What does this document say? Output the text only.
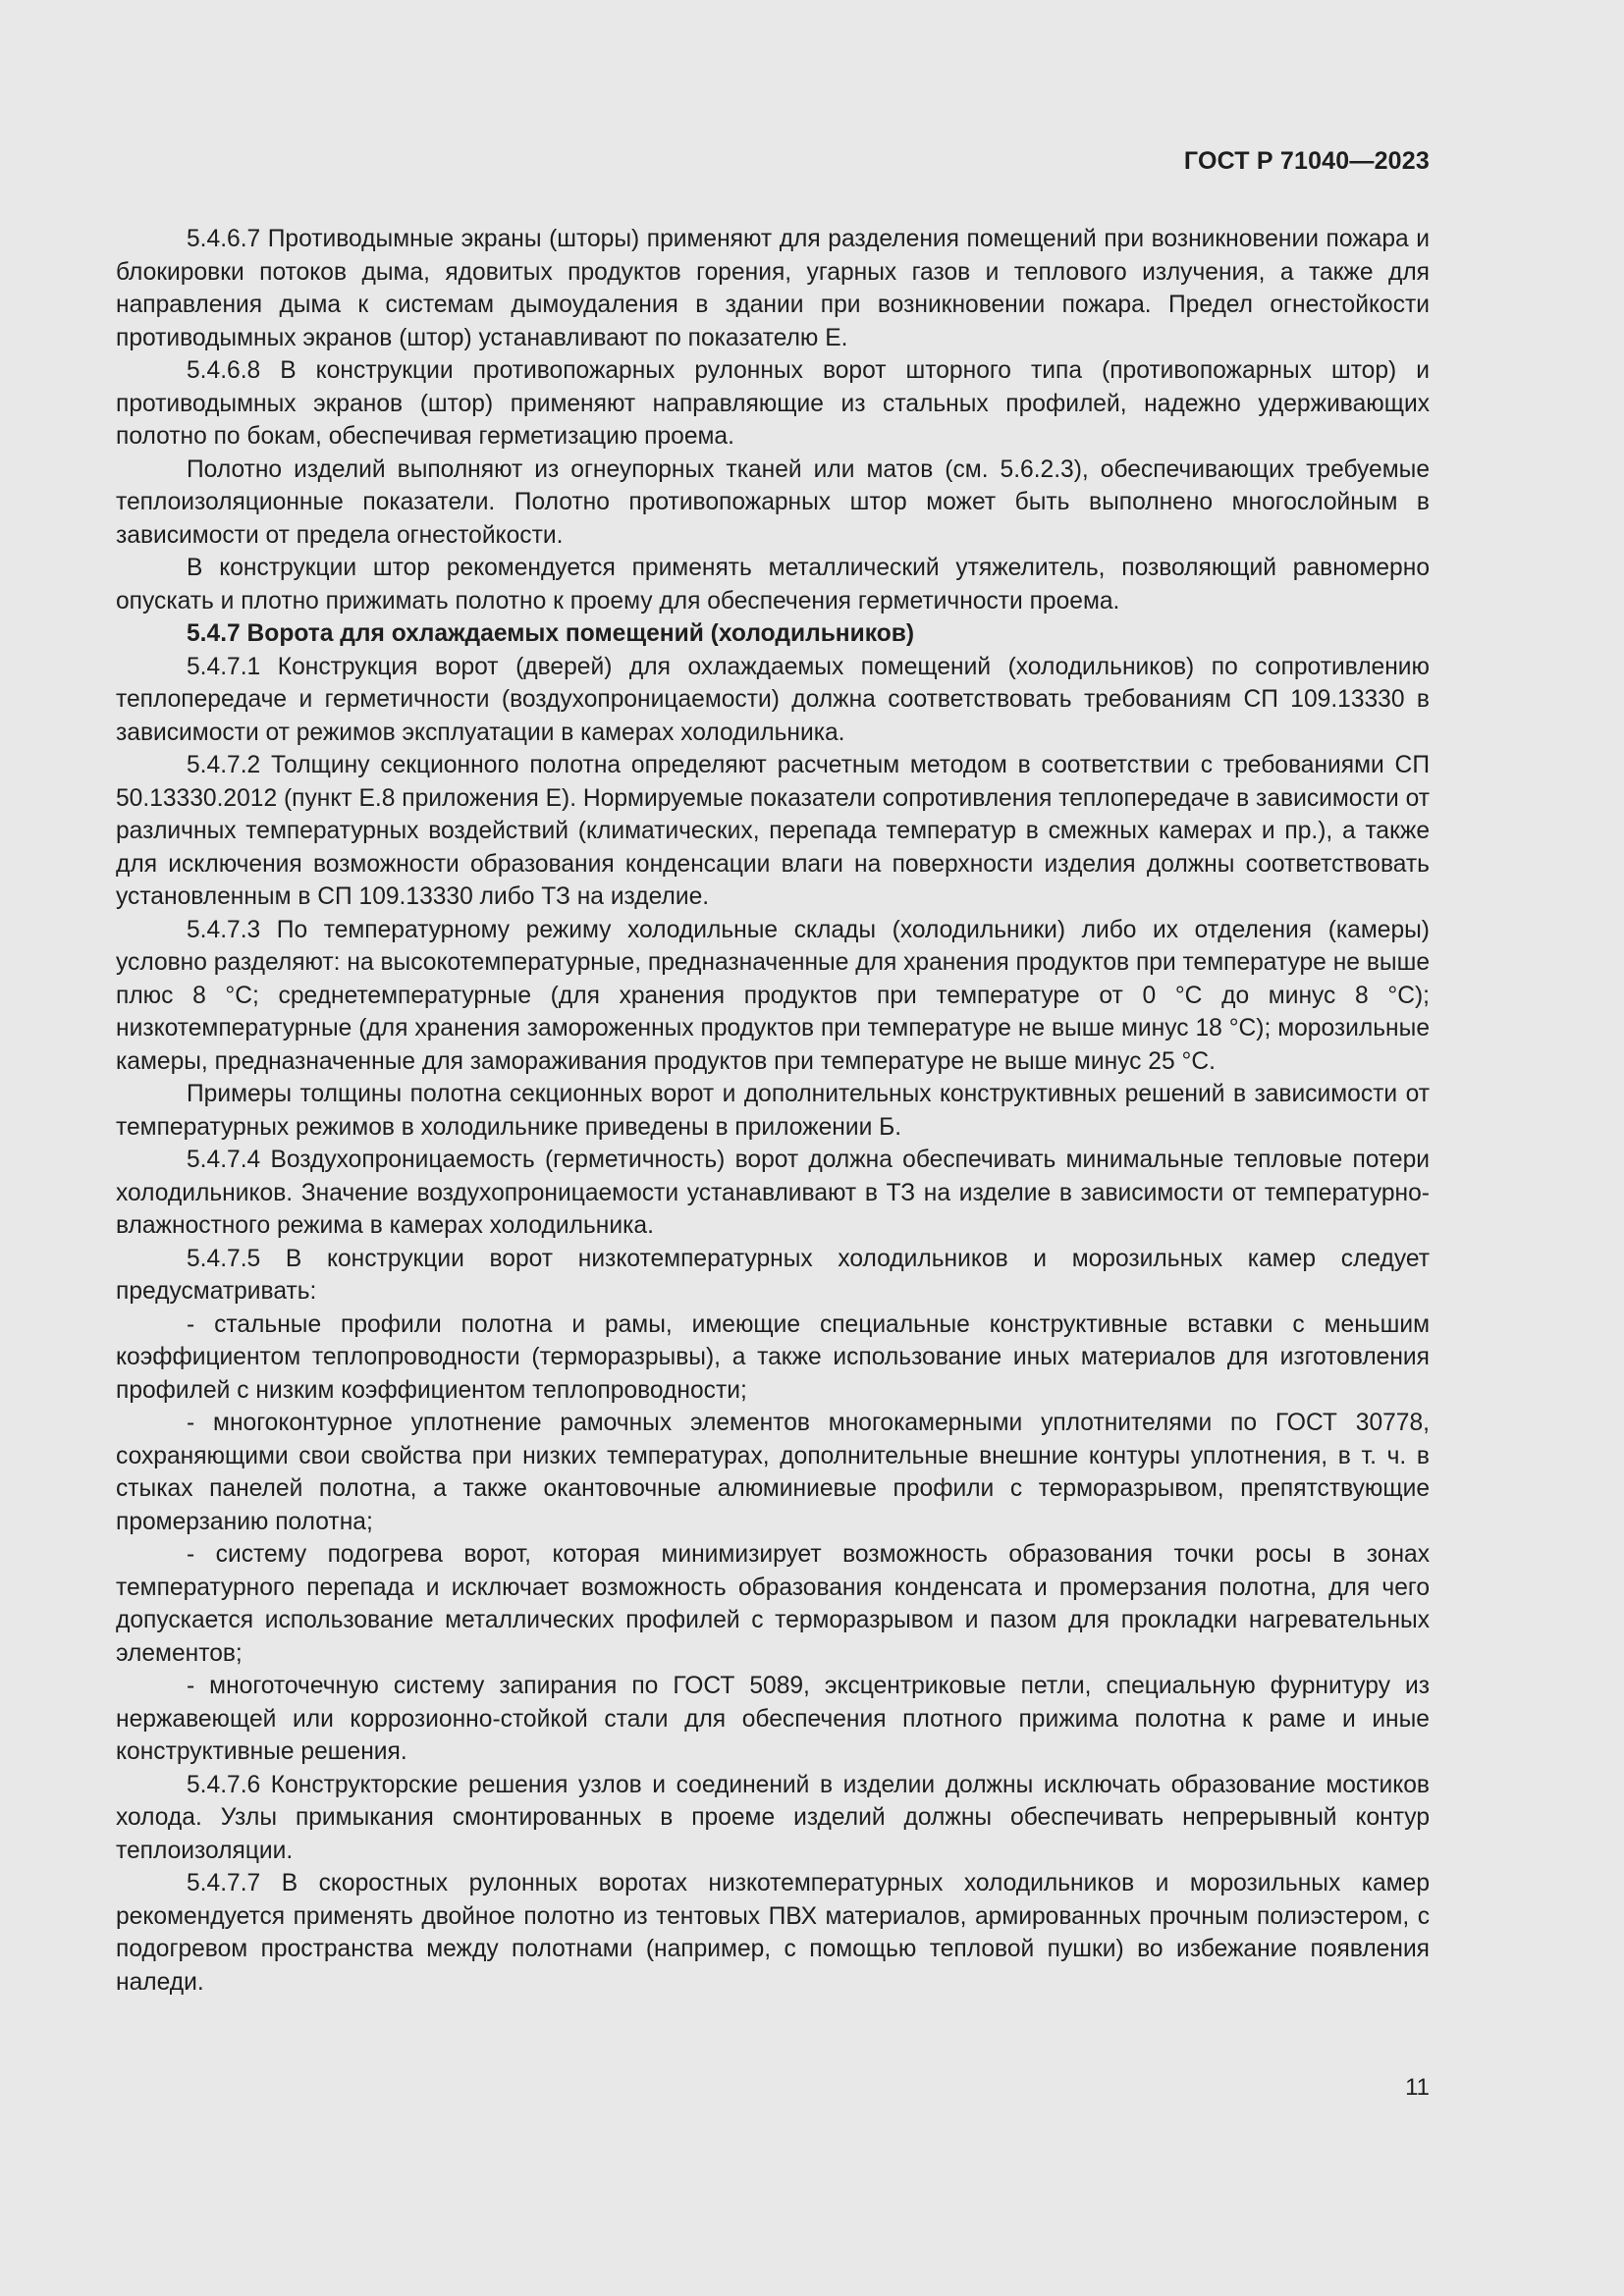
ГОСТ Р 71040—2023

5.4.6.7 Противодымные экраны (шторы) применяют для разделения помещений при возникновении пожара и блокировки потоков дыма, ядовитых продуктов горения, угарных газов и теплового излучения, а также для направления дыма к системам дымоудаления в здании при возникновении пожара. Предел огнестойкости противодымных экранов (штор) устанавливают по показателю Е.

5.4.6.8 В конструкции противопожарных рулонных ворот шторного типа (противопожарных штор) и противодымных экранов (штор) применяют направляющие из стальных профилей, надежно удерживающих полотно по бокам, обеспечивая герметизацию проема.

Полотно изделий выполняют из огнеупорных тканей или матов (см. 5.6.2.3), обеспечивающих требуемые теплоизоляционные показатели. Полотно противопожарных штор может быть выполнено многослойным в зависимости от предела огнестойкости.

В конструкции штор рекомендуется применять металлический утяжелитель, позволяющий равномерно опускать и плотно прижимать полотно к проему для обеспечения герметичности проема.

5.4.7 Ворота для охлаждаемых помещений (холодильников)

5.4.7.1 Конструкция ворот (дверей) для охлаждаемых помещений (холодильников) по сопротивлению теплопередаче и герметичности (воздухопроницаемости) должна соответствовать требованиям СП 109.13330 в зависимости от режимов эксплуатации в камерах холодильника.

5.4.7.2 Толщину секционного полотна определяют расчетным методом в соответствии с требованиями СП 50.13330.2012 (пункт Е.8 приложения Е). Нормируемые показатели сопротивления теплопередаче в зависимости от различных температурных воздействий (климатических, перепада температур в смежных камерах и пр.), а также для исключения возможности образования конденсации влаги на поверхности изделия должны соответствовать установленным в СП 109.13330 либо ТЗ на изделие.

5.4.7.3 По температурному режиму холодильные склады (холодильники) либо их отделения (камеры) условно разделяют: на высокотемпературные, предназначенные для хранения продуктов при температуре не выше плюс 8 °С; среднетемпературные (для хранения продуктов при температуре от 0 °С до минус 8 °С); низкотемпературные (для хранения замороженных продуктов при температуре не выше минус 18 °С); морозильные камеры, предназначенные для замораживания продуктов при температуре не выше минус 25 °С.

Примеры толщины полотна секционных ворот и дополнительных конструктивных решений в зависимости от температурных режимов в холодильнике приведены в приложении Б.

5.4.7.4 Воздухопроницаемость (герметичность) ворот должна обеспечивать минимальные тепловые потери холодильников. Значение воздухопроницаемости устанавливают в ТЗ на изделие в зависимости от температурно-влажностного режима в камерах холодильника.

5.4.7.5 В конструкции ворот низкотемпературных холодильников и морозильных камер следует предусматривать:

- стальные профили полотна и рамы, имеющие специальные конструктивные вставки с меньшим коэффициентом теплопроводности (терморазрывы), а также использование иных материалов для изготовления профилей с низким коэффициентом теплопроводности;

- многоконтурное уплотнение рамочных элементов многокамерными уплотнителями по ГОСТ 30778, сохраняющими свои свойства при низких температурах, дополнительные внешние контуры уплотнения, в т. ч. в стыках панелей полотна, а также окантовочные алюминиевые профили с терморазрывом, препятствующие промерзанию полотна;

- систему подогрева ворот, которая минимизирует возможность образования точки росы в зонах температурного перепада и исключает возможность образования конденсата и промерзания полотна, для чего допускается использование металлических профилей с терморазрывом и пазом для прокладки нагревательных элементов;

- многоточечную систему запирания по ГОСТ 5089, эксцентриковые петли, специальную фурнитуру из нержавеющей или коррозионно-стойкой стали для обеспечения плотного прижима полотна к раме и иные конструктивные решения.

5.4.7.6 Конструкторские решения узлов и соединений в изделии должны исключать образование мостиков холода. Узлы примыкания смонтированных в проеме изделий должны обеспечивать непрерывный контур теплоизоляции.

5.4.7.7 В скоростных рулонных воротах низкотемпературных холодильников и морозильных камер рекомендуется применять двойное полотно из тентовых ПВХ материалов, армированных прочным полиэстером, с подогревом пространства между полотнами (например, с помощью тепловой пушки) во избежание появления наледи.

11
